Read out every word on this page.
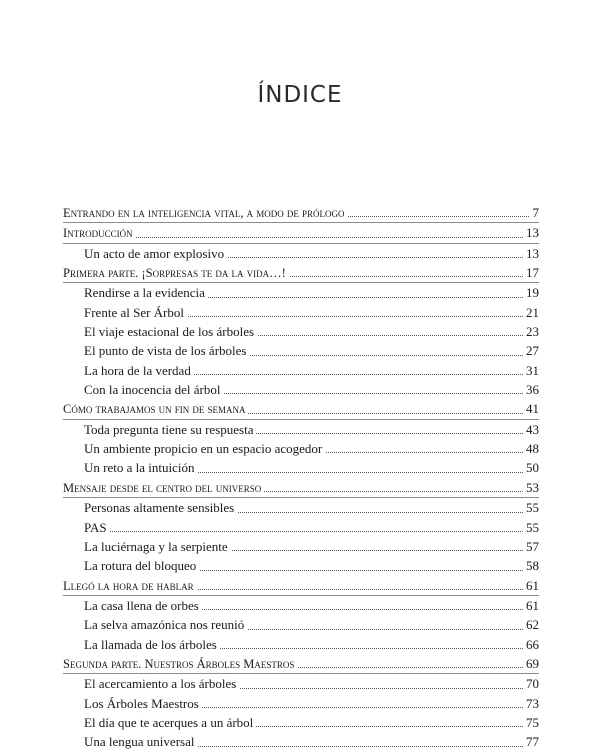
ÍNDICE
Entrando en la inteligencia vital, a modo de prólogo	7
Introducción	13
Un acto de amor explosivo	13
Primera parte. ¡Sorpresas te da la vida…!	17
Rendirse a la evidencia	19
Frente al Ser Árbol	21
El viaje estacional de los árboles	23
El punto de vista de los árboles	27
La hora de la verdad	31
Con la inocencia del árbol	36
Cómo trabajamos un fin de semana	41
Toda pregunta tiene su respuesta	43
Un ambiente propicio en un espacio acogedor	48
Un reto a la intuición	50
Mensaje desde el centro del universo	53
Personas altamente sensibles	55
PAS	55
La luciérnaga y la serpiente	57
La rotura del bloqueo	58
Llegó la hora de hablar	61
La casa llena de orbes	61
La selva amazónica nos reunió	62
La llamada de los árboles	66
Segunda parte. Nuestros Árboles Maestros	69
El acercamiento a los árboles	70
Los Árboles Maestros	73
El día que te acerques a un árbol	75
Una lengua universal	77
